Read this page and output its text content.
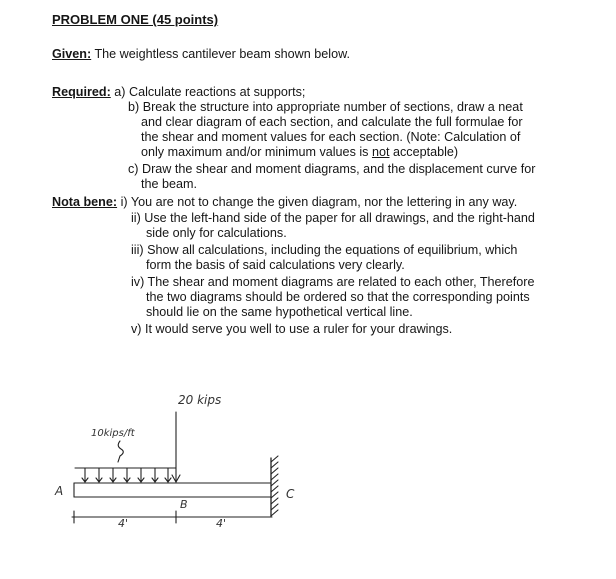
PROBLEM ONE (45 points)
Given: The weightless cantilever beam shown below.
Required: a) Calculate reactions at supports;
b) Break the structure into appropriate number of sections, draw a neat
and clear diagram of each section, and calculate the full formulae for
the shear and moment values for each section. (Note: Calculation of
only maximum and/or minimum values is not acceptable)
c) Draw the shear and moment diagrams, and the displacement curve for
the beam.
Nota bene: i) You are not to change the given diagram, nor the lettering in any way.
ii) Use the left-hand side of the paper for all drawings, and the right-hand
side only for calculations.
iii) Show all calculations, including the equations of equilibrium, which
form the basis of said calculations very clearly.
iv) The shear and moment diagrams are related to each other, Therefore
the two diagrams should be ordered so that the corresponding points
should lie on the same hypothetical vertical line.
v) It would serve you well to use a ruler for your drawings.
20 kips
10kips/ft
A
B
C
4'	4'
